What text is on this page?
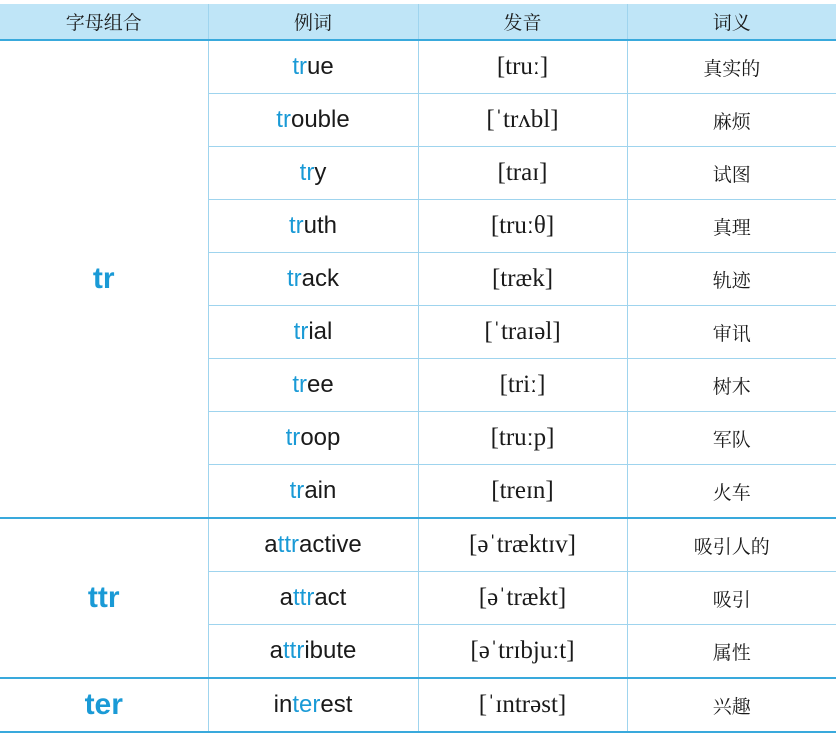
字母组合	例词	发音	词义
tr	true	[truː]	真实的
	trouble	[ˈtrʌbl]	麻烦
	try	[traɪ]	试图
	truth	[truːθ]	真理
	track	[træk]	轨迹
	trial	[ˈtraɪəl]	审讯
	tree	[triː]	树木
	troop	[truːp]	军队
	train	[treɪn]	火车
ttr	attractive	[əˈtræktɪv]	吸引人的
	attract	[əˈtrækt]	吸引
	attribute	[əˈtrɪbjuːt]	属性
ter	interest	[ˈɪntrəst]	兴趣
